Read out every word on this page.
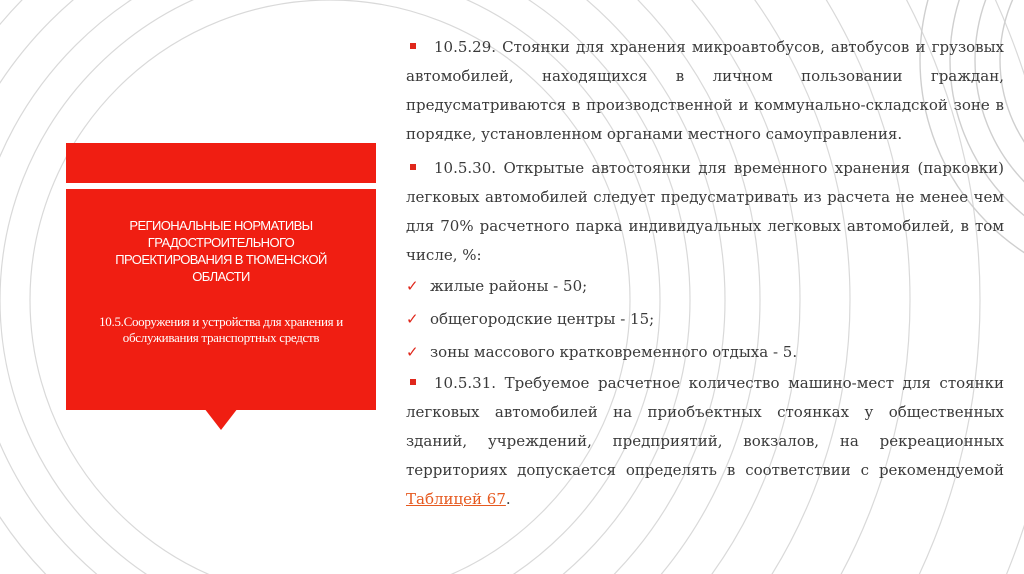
РЕГИОНАЛЬНЫЕ НОРМАТИВЫ ГРАДОСТРОИТЕЛЬНОГО ПРОЕКТИРОВАНИЯ В ТЮМЕНСКОЙ ОБЛАСТИ
10.5.Сооружения и устройства для хранения и обслуживания транспортных средств

10.5.29. Стоянки для хранения микроавтобусов, автобусов и грузовых автомобилей, находящихся в личном пользовании граждан, предусматриваются в производственной и коммунально-складской зоне в порядке, установленном органами местного самоуправления.

10.5.30. Открытые автостоянки для временного хранения (парковки) легковых автомобилей следует предусматривать из расчета не менее чем для 70% расчетного парка индивидуальных легковых автомобилей, в том числе, %:

✓ жилые районы - 50;
✓ общегородские центры - 15;
✓ зоны массового кратковременного отдыха - 5.

10.5.31. Требуемое расчетное количество машино-мест для стоянки легковых автомобилей на приобъектных стоянках у общественных зданий, учреждений, предприятий, вокзалов, на рекреационных территориях допускается определять в соответствии с рекомендуемой Таблицей 67.
